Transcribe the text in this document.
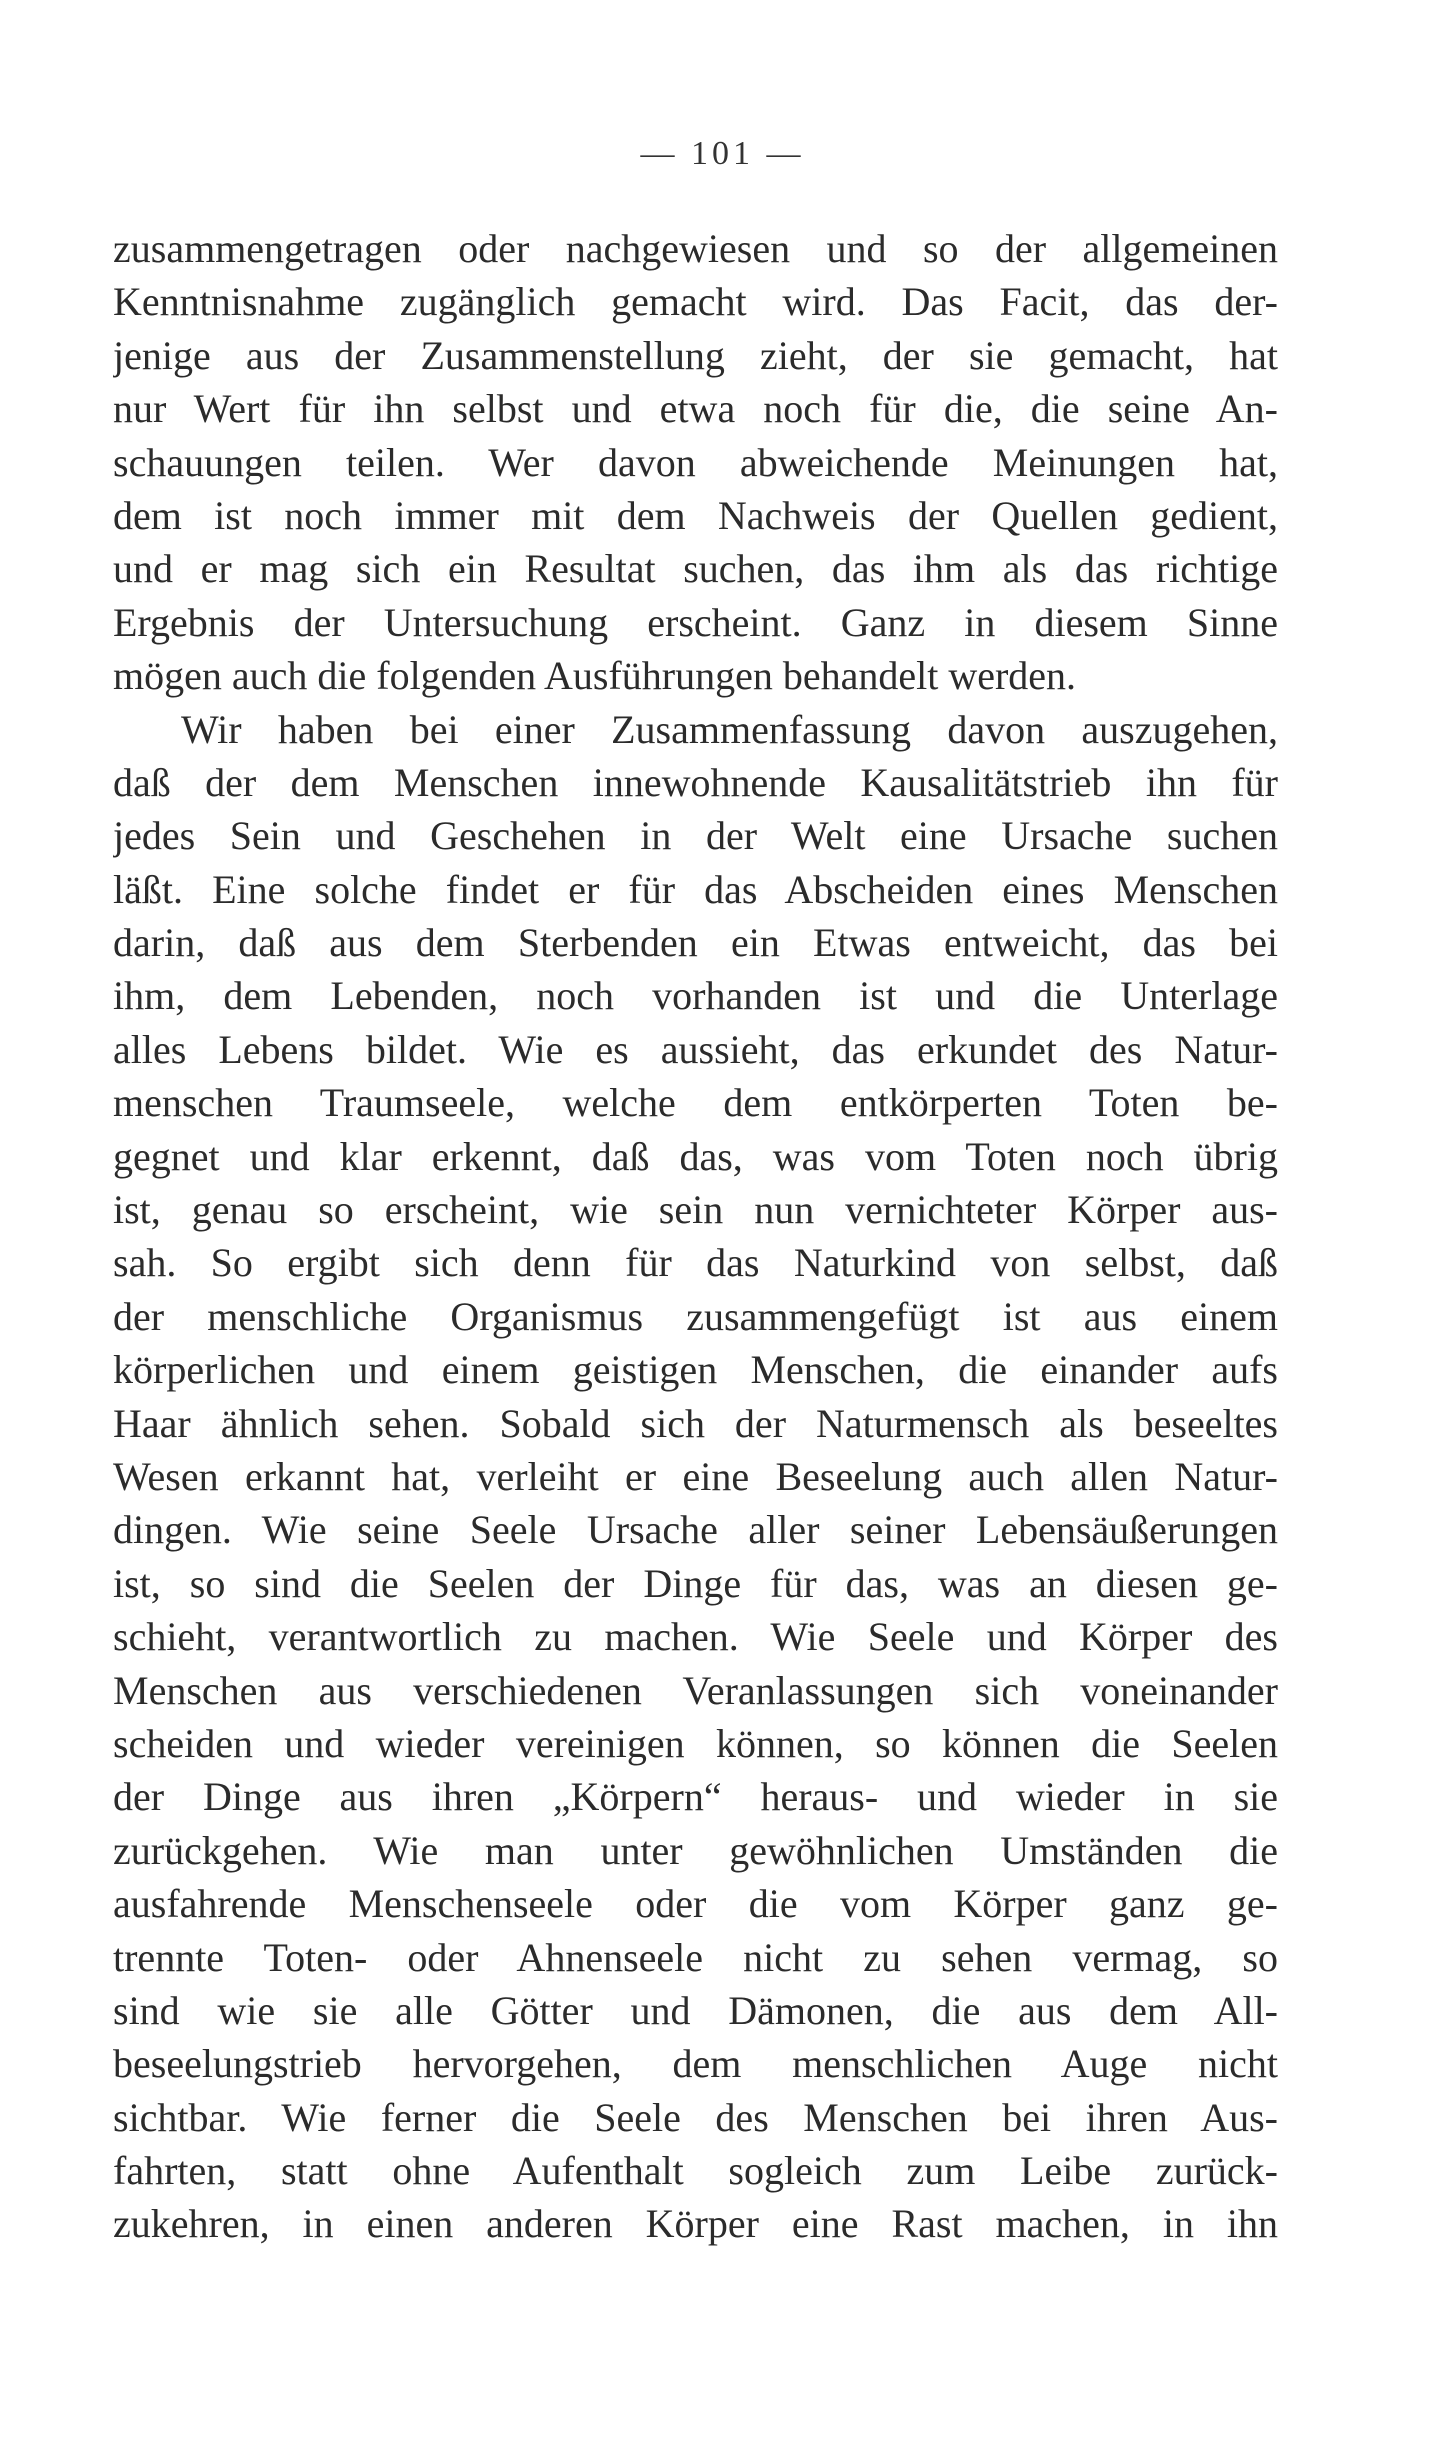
— 101 —
zusammengetragen oder nachgewiesen und so der allgemeinen
Kenntnisnahme zugänglich gemacht wird. Das Facit, das der-
jenige aus der Zusammenstellung zieht, der sie gemacht, hat
nur Wert für ihn selbst und etwa noch für die, die seine An-
schauungen teilen. Wer davon abweichende Meinungen hat,
dem ist noch immer mit dem Nachweis der Quellen gedient,
und er mag sich ein Resultat suchen, das ihm als das richtige
Ergebnis der Untersuchung erscheint. Ganz in diesem Sinne
mögen auch die folgenden Ausführungen behandelt werden.
Wir haben bei einer Zusammenfassung davon auszugehen,
daß der dem Menschen innewohnende Kausalitätstrieb ihn für
jedes Sein und Geschehen in der Welt eine Ursache suchen
läßt. Eine solche findet er für das Abscheiden eines Menschen
darin, daß aus dem Sterbenden ein Etwas entweicht, das bei
ihm, dem Lebenden, noch vorhanden ist und die Unterlage
alles Lebens bildet. Wie es aussieht, das erkundet des Natur-
menschen Traumseele, welche dem entkörperten Toten be-
gegnet und klar erkennt, daß das, was vom Toten noch übrig
ist, genau so erscheint, wie sein nun vernichteter Körper aus-
sah. So ergibt sich denn für das Naturkind von selbst, daß
der menschliche Organismus zusammengefügt ist aus einem
körperlichen und einem geistigen Menschen, die einander aufs
Haar ähnlich sehen. Sobald sich der Naturmensch als beseeltes
Wesen erkannt hat, verleiht er eine Beseelung auch allen Natur-
dingen. Wie seine Seele Ursache aller seiner Lebensäußerungen
ist, so sind die Seelen der Dinge für das, was an diesen ge-
schieht, verantwortlich zu machen. Wie Seele und Körper des
Menschen aus verschiedenen Veranlassungen sich voneinander
scheiden und wieder vereinigen können, so können die Seelen
der Dinge aus ihren „Körpern“ heraus- und wieder in sie
zurückgehen. Wie man unter gewöhnlichen Umständen die
ausfahrende Menschenseele oder die vom Körper ganz ge-
trennte Toten- oder Ahnenseele nicht zu sehen vermag, so
sind wie sie alle Götter und Dämonen, die aus dem All-
beseelungstrieb hervorgehen, dem menschlichen Auge nicht
sichtbar. Wie ferner die Seele des Menschen bei ihren Aus-
fahrten, statt ohne Aufenthalt sogleich zum Leibe zurück-
zukehren, in einen anderen Körper eine Rast machen, in ihn
